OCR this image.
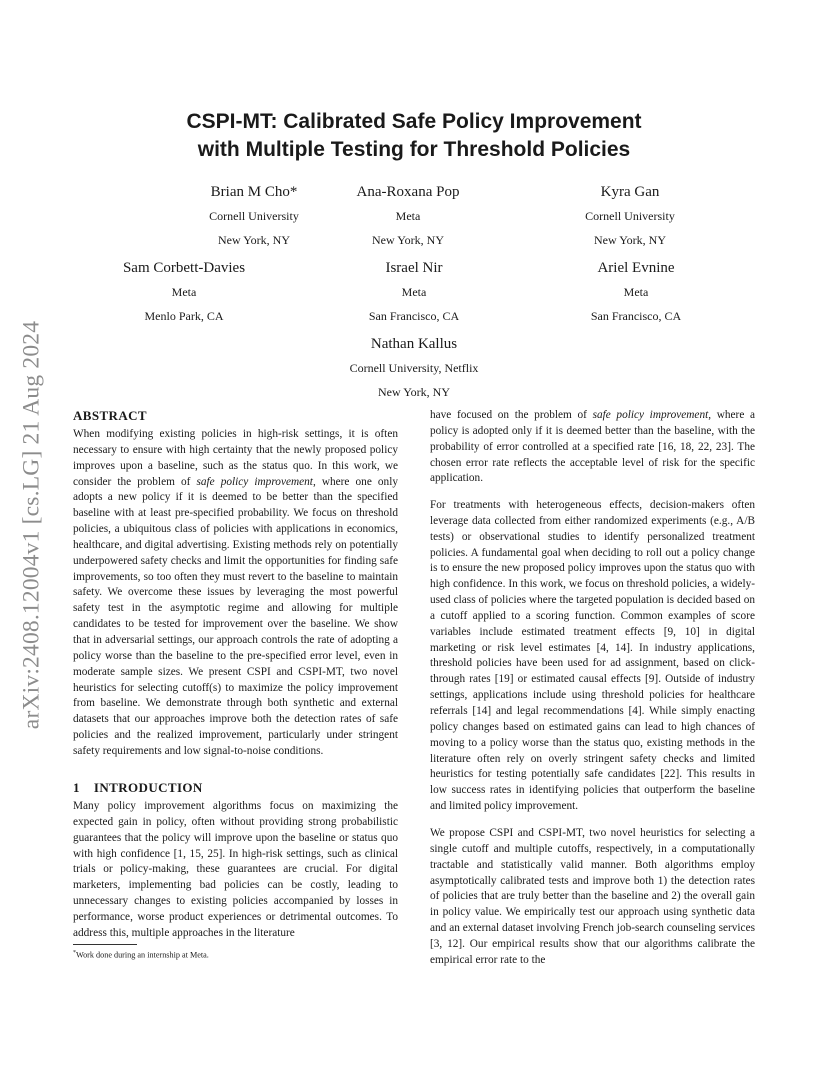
arXiv:2408.12004v1 [cs.LG] 21 Aug 2024
CSPI-MT: Calibrated Safe Policy Improvement
with Multiple Testing for Threshold Policies
Brian M Cho*
Cornell University
New York, NY
Ana-Roxana Pop
Meta
New York, NY
Kyra Gan
Cornell University
New York, NY
Sam Corbett-Davies
Meta
Menlo Park, CA
Israel Nir
Meta
San Francisco, CA
Ariel Evnine
Meta
San Francisco, CA
Nathan Kallus
Cornell University, Netflix
New York, NY
ABSTRACT

When modifying existing policies in high-risk settings, it is often necessary to ensure with high certainty that the newly proposed policy improves upon a baseline, such as the status quo. In this work, we consider the problem of safe policy improvement, where one only adopts a new policy if it is deemed to be better than the specified baseline with at least pre-specified probability. We focus on threshold policies, a ubiquitous class of policies with applications in economics, healthcare, and digital advertising. Existing methods rely on potentially underpowered safety checks and limit the opportunities for finding safe improvements, so too often they must revert to the baseline to maintain safety. We overcome these issues by leveraging the most powerful safety test in the asymptotic regime and allowing for multiple candidates to be tested for improvement over the baseline. We show that in adversarial settings, our approach controls the rate of adopting a policy worse than the baseline to the pre-specified error level, even in moderate sample sizes. We present CSPI and CSPI-MT, two novel heuristics for selecting cutoff(s) to maximize the policy improvement from baseline. We demonstrate through both synthetic and external datasets that our approaches improve both the detection rates of safe policies and the realized improvement, particularly under stringent safety requirements and low signal-to-noise conditions.

1 INTRODUCTION

Many policy improvement algorithms focus on maximizing the expected gain in policy, often without providing strong probabilistic guarantees that the policy will improve upon the baseline or status quo with high confidence [1, 15, 25]. In high-risk settings, such as clinical trials or policy-making, these guarantees are crucial. For digital marketers, implementing bad policies can be costly, leading to unnecessary changes to existing policies accompanied by losses in performance, worse product experiences or detrimental outcomes. To address this, multiple approaches in the literature

have focused on the problem of safe policy improvement, where a policy is adopted only if it is deemed better than the baseline, with the probability of error controlled at a specified rate [16, 18, 22, 23]. The chosen error rate reflects the acceptable level of risk for the specific application.

For treatments with heterogeneous effects, decision-makers often leverage data collected from either randomized experiments (e.g., A/B tests) or observational studies to identify personalized treatment policies. A fundamental goal when deciding to roll out a policy change is to ensure the new proposed policy improves upon the status quo with high confidence. In this work, we focus on threshold policies, a widely-used class of policies where the targeted population is decided based on a cutoff applied to a scoring function. Common examples of score variables include estimated treatment effects [9, 10] in digital marketing or risk level estimates [4, 14]. In industry applications, threshold policies have been used for ad assignment, based on click-through rates [19] or estimated causal effects [9]. Outside of industry settings, applications include using threshold policies for healthcare referrals [14] and legal recommendations [4]. While simply enacting policy changes based on estimated gains can lead to high chances of moving to a policy worse than the status quo, existing methods in the literature often rely on overly stringent safety checks and limited heuristics for testing potentially safe candidates [22]. This results in low success rates in identifying policies that outperform the baseline and limited policy improvement.

We propose CSPI and CSPI-MT, two novel heuristics for selecting a single cutoff and multiple cutoffs, respectively, in a computationally tractable and statistically valid manner. Both algorithms employ asymptotically calibrated tests and improve both 1) the detection rates of policies that are truly better than the baseline and 2) the overall gain in policy value. We empirically test our approach using synthetic data and an external dataset involving French job-search counseling services [3, 12]. Our empirical results show that our algorithms calibrate the empirical error rate to the

*Work done during an internship at Meta.
